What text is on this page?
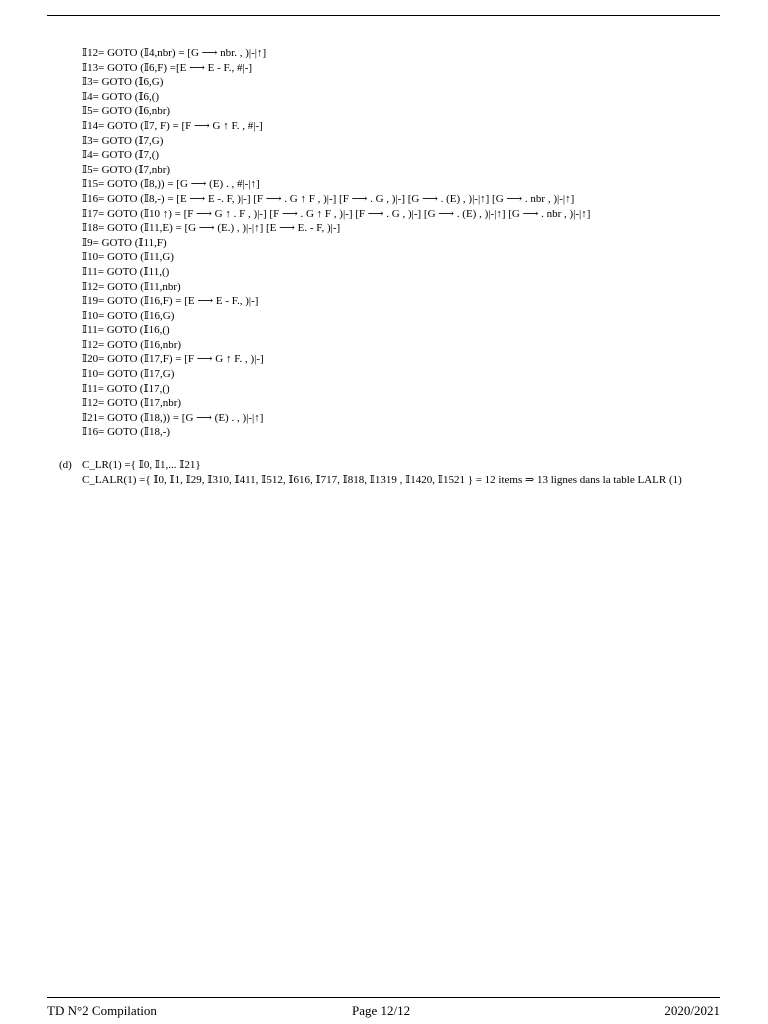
𝕀12= GOTO (𝕀4,nbr) = [G ⟶ nbr. , )|-|↑]
𝕀13= GOTO (𝕀6,F) =[E ⟶ E - F., #|-]
𝕀3= GOTO (𝕀6,G)
𝕀4= GOTO (𝕀6,()
𝕀5= GOTO (𝕀6,nbr)
𝕀14= GOTO (𝕀7, F) = [F ⟶ G ↑ F. , #|-]
𝕀3= GOTO (𝕀7,G)
𝕀4= GOTO (𝕀7,()
𝕀5= GOTO (𝕀7,nbr)
𝕀15= GOTO (𝕀8,)) = [G ⟶ (E) . , #|-|↑]
𝕀16= GOTO (𝕀8,-) = [E ⟶ E -. F, )|-] [F ⟶ . G ↑ F , )|-] [F ⟶ . G , )|-] [G ⟶ . (E) , )|-|↑] [G ⟶ . nbr , )|-|↑]
𝕀17= GOTO (𝕀10 ↑) = [F ⟶ G ↑ . F , )|-] [F ⟶ . G ↑ F , )|-] [F ⟶ . G , )|-] [G ⟶ . (E) , )|-|↑] [G ⟶ . nbr , )|-|↑]
𝕀18= GOTO (𝕀11,E) = [G ⟶ (E.) , )|-|↑] [E ⟶ E. - F, )|-]
𝕀9= GOTO (𝕀11,F)
𝕀10= GOTO (𝕀11,G)
𝕀11= GOTO (𝕀11,()
𝕀12= GOTO (𝕀11,nbr)
𝕀19= GOTO (𝕀16,F) = [E ⟶ E - F., )|-]
𝕀10= GOTO (𝕀16,G)
𝕀11= GOTO (𝕀16,()
𝕀12= GOTO (𝕀16,nbr)
𝕀20= GOTO (𝕀17,F) = [F ⟶ G ↑ F. , )|-]
𝕀10= GOTO (𝕀17,G)
𝕀11= GOTO (𝕀17,()
𝕀12= GOTO (𝕀17,nbr)
𝕀21= GOTO (𝕀18,)) = [G ⟶ (E) . , )|-|↑]
𝕀16= GOTO (𝕀18,-)
(d) C_LR(1) ={ 𝕀0, 𝕀1,... 𝕀21}
C_LALR(1) ={ 𝕀0, 𝕀1, 𝕀29, 𝕀310, 𝕀411, 𝕀512, 𝕀616, 𝕀717, 𝕀818, 𝕀1319 , 𝕀1420, 𝕀1521 } = 12 items ⇒ 13 lignes dans la table LALR (1)
TD N°2 Compilation	Page 12/12	2020/2021
